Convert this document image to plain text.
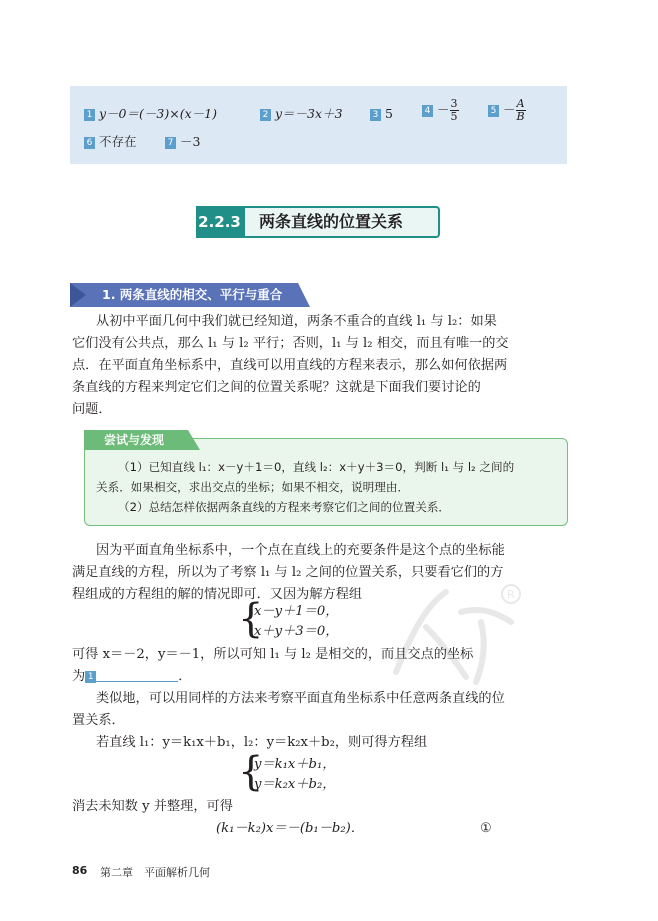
1 y－0＝(－3)×(x－1)	2 y＝－3x＋3	3 5	$4 - \frac{3}{5}$	$5 - \frac{A}{B}$
6 不存在	7 －3
2.2.3	两条直线的位置关系
1. 两条直线的相交、平行与重合
从初中平面几何中我们就已经知道，两条不重合的直线 l₁ 与 l₂：如果
它们没有公共点，那么 l₁ 与 l₂ 平行；否则，l₁ 与 l₂ 相交，而且有唯一的交
点．在平面直角坐标系中，直线可以用直线的方程来表示，那么如何依据两
条直线的方程来判定它们之间的位置关系呢？这就是下面我们要讨论的
问题．
尝试与发现
（1）已知直线 l₁：x－y＋1＝0，直线 l₂：x＋y＋3＝0，判断 l₁ 与 l₂ 之间的
关系．如果相交，求出交点的坐标；如果不相交，说明理由．
（2）总结怎样依据两条直线的方程来考察它们之间的位置关系．
因为平面直角坐标系中，一个点在直线上的充要条件是这个点的坐标能
满足直线的方程，所以为了考察 l₁ 与 l₂ 之间的位置关系，只要看它们的方
程组成的方程组的解的情况即可．又因为解方程组	R
{
x－y＋1＝0，
x＋y＋3＝0，
可得 x＝－2，y＝－1，所以可知 l₁ 与 l₂ 是相交的，而且交点的坐标
为 1	．
类似地，可以用同样的方法来考察平面直角坐标系中任意两条直线的位
置关系．
若直线 l₁：y＝k₁x＋b₁，l₂：y＝k₂x＋b₂，则可得方程组
{
y＝k₁x＋b₁，
y＝k₂x＋b₂，
消去未知数 y 并整理，可得
(k₁－k₂)x＝－(b₁－b₂)．	①
86 第二章　平面解析几何
